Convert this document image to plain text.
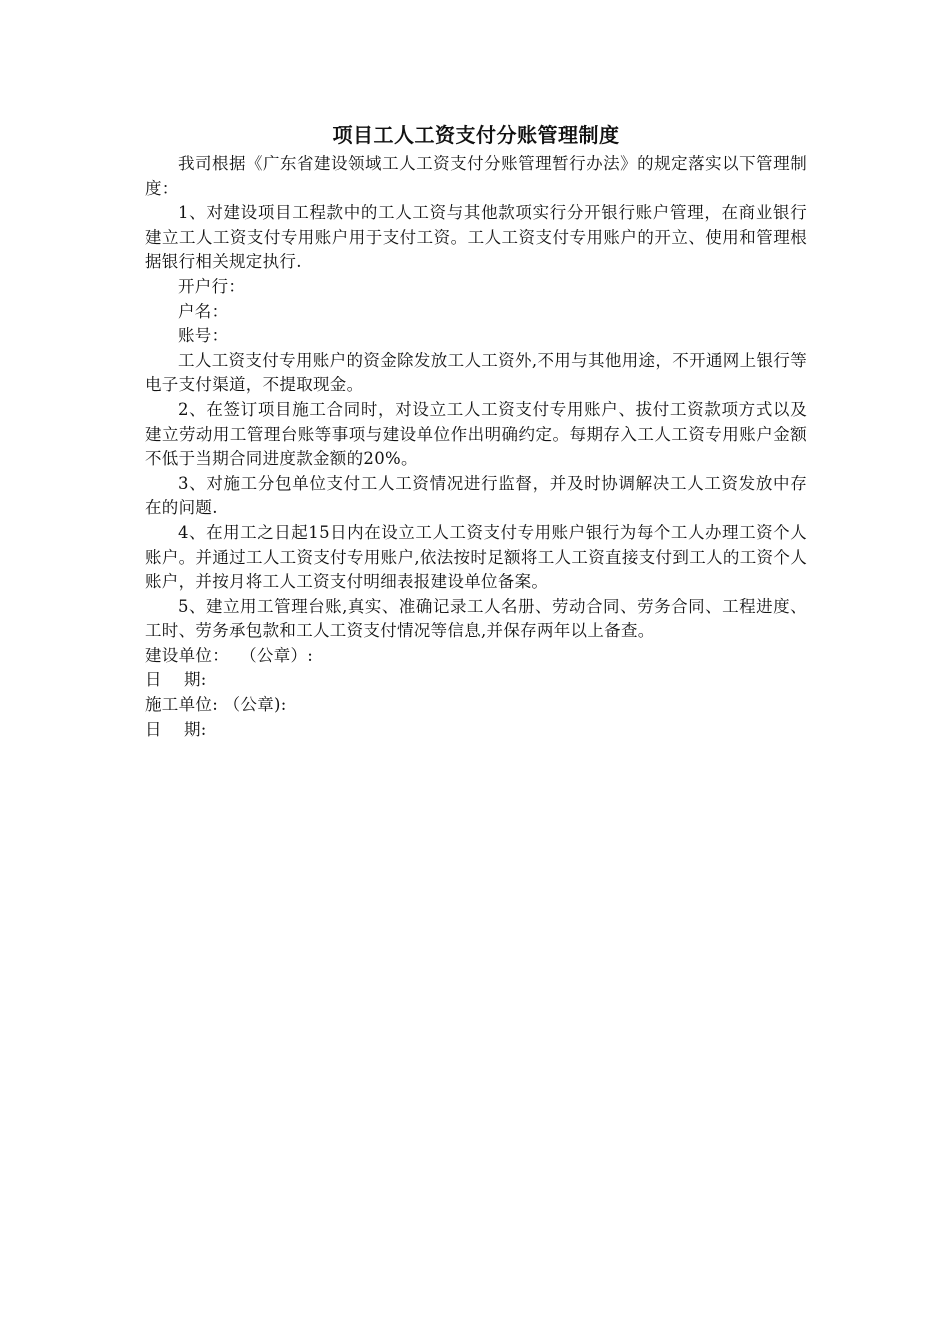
项目工人工资支付分账管理制度

我司根据《广东省建设领域工人工资支付分账管理暂行办法》的规定落实以下管理制度：

1、对建设项目工程款中的工人工资与其他款项实行分开银行账户管理，在商业银行建立工人工资支付专用账户用于支付工资。工人工资支付专用账户的开立、使用和管理根据银行相关规定执行.

开户行：

户名：

账号：

工人工资支付专用账户的资金除发放工人工资外,不用与其他用途，不开通网上银行等电子支付渠道，不提取现金。

2、在签订项目施工合同时，对设立工人工资支付专用账户、拔付工资款项方式以及建立劳动用工管理台账等事项与建设单位作出明确约定。每期存入工人工资专用账户金额不低于当期合同进度款金额的20%。

3、对施工分包单位支付工人工资情况进行监督，并及时协调解决工人工资发放中存在的问题.

4、在用工之日起15日内在设立工人工资支付专用账户银行为每个工人办理工资个人账户。并通过工人工资支付专用账户,依法按时足额将工人工资直接支付到工人的工资个人账户，并按月将工人工资支付明细表报建设单位备案。

5、建立用工管理台账,真实、准确记录工人名册、劳动合同、劳务合同、工程进度、工时、劳务承包款和工人工资支付情况等信息,并保存两年以上备查。

建设单位：  （公章）:

日    期:

施工单位: （公章):

日    期:
